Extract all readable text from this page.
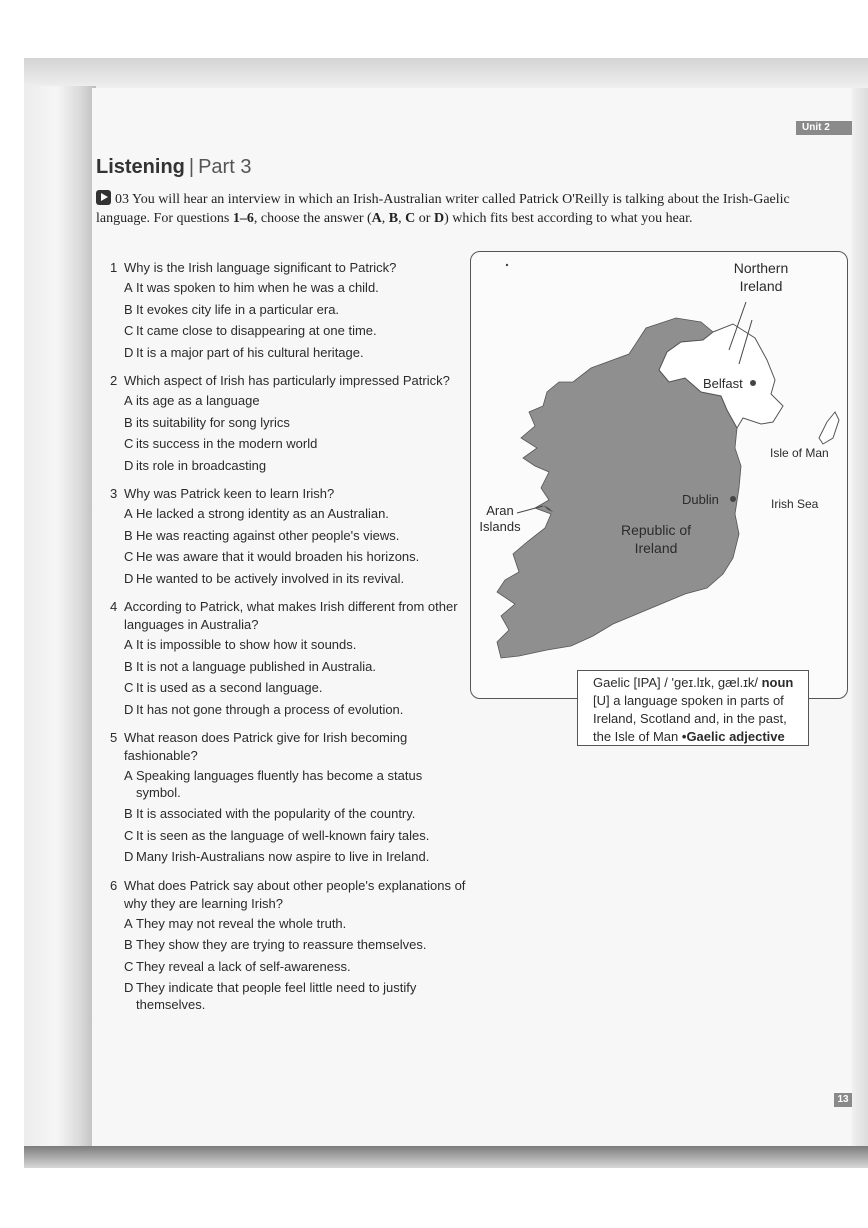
Unit 2
Listening | Part 3
03 You will hear an interview in which an Irish-Australian writer called Patrick O'Reilly is talking about the Irish-Gaelic language. For questions 1–6, choose the answer (A, B, C or D) which fits best according to what you hear.
1 Why is the Irish language significant to Patrick?
A It was spoken to him when he was a child.
B It evokes city life in a particular era.
C It came close to disappearing at one time.
D It is a major part of his cultural heritage.
2 Which aspect of Irish has particularly impressed Patrick?
A its age as a language
B its suitability for song lyrics
C its success in the modern world
D its role in broadcasting
3 Why was Patrick keen to learn Irish?
A He lacked a strong identity as an Australian.
B He was reacting against other people's views.
C He was aware that it would broaden his horizons.
D He wanted to be actively involved in its revival.
4 According to Patrick, what makes Irish different from other languages in Australia?
A It is impossible to show how it sounds.
B It is not a language published in Australia.
C It is used as a second language.
D It has not gone through a process of evolution.
5 What reason does Patrick give for Irish becoming fashionable?
A Speaking languages fluently has become a status symbol.
B It is associated with the popularity of the country.
C It is seen as the language of well-known fairy tales.
D Many Irish-Australians now aspire to live in Ireland.
6 What does Patrick say about other people's explanations of why they are learning Irish?
A They may not reveal the whole truth.
B They show they are trying to reassure themselves.
C They reveal a lack of self-awareness.
D They indicate that people feel little need to justify themselves.
Northern
Ireland
Belfast
Isle of Man
Dublin	Irish Sea
Aran
Islands	Republic of
Ireland
Gaelic [IPA] / 'geɪ.lɪk, gæl.ɪk/ noun [U] a language spoken in parts of Ireland, Scotland and, in the past, the Isle of Man •Gaelic adjective
13
